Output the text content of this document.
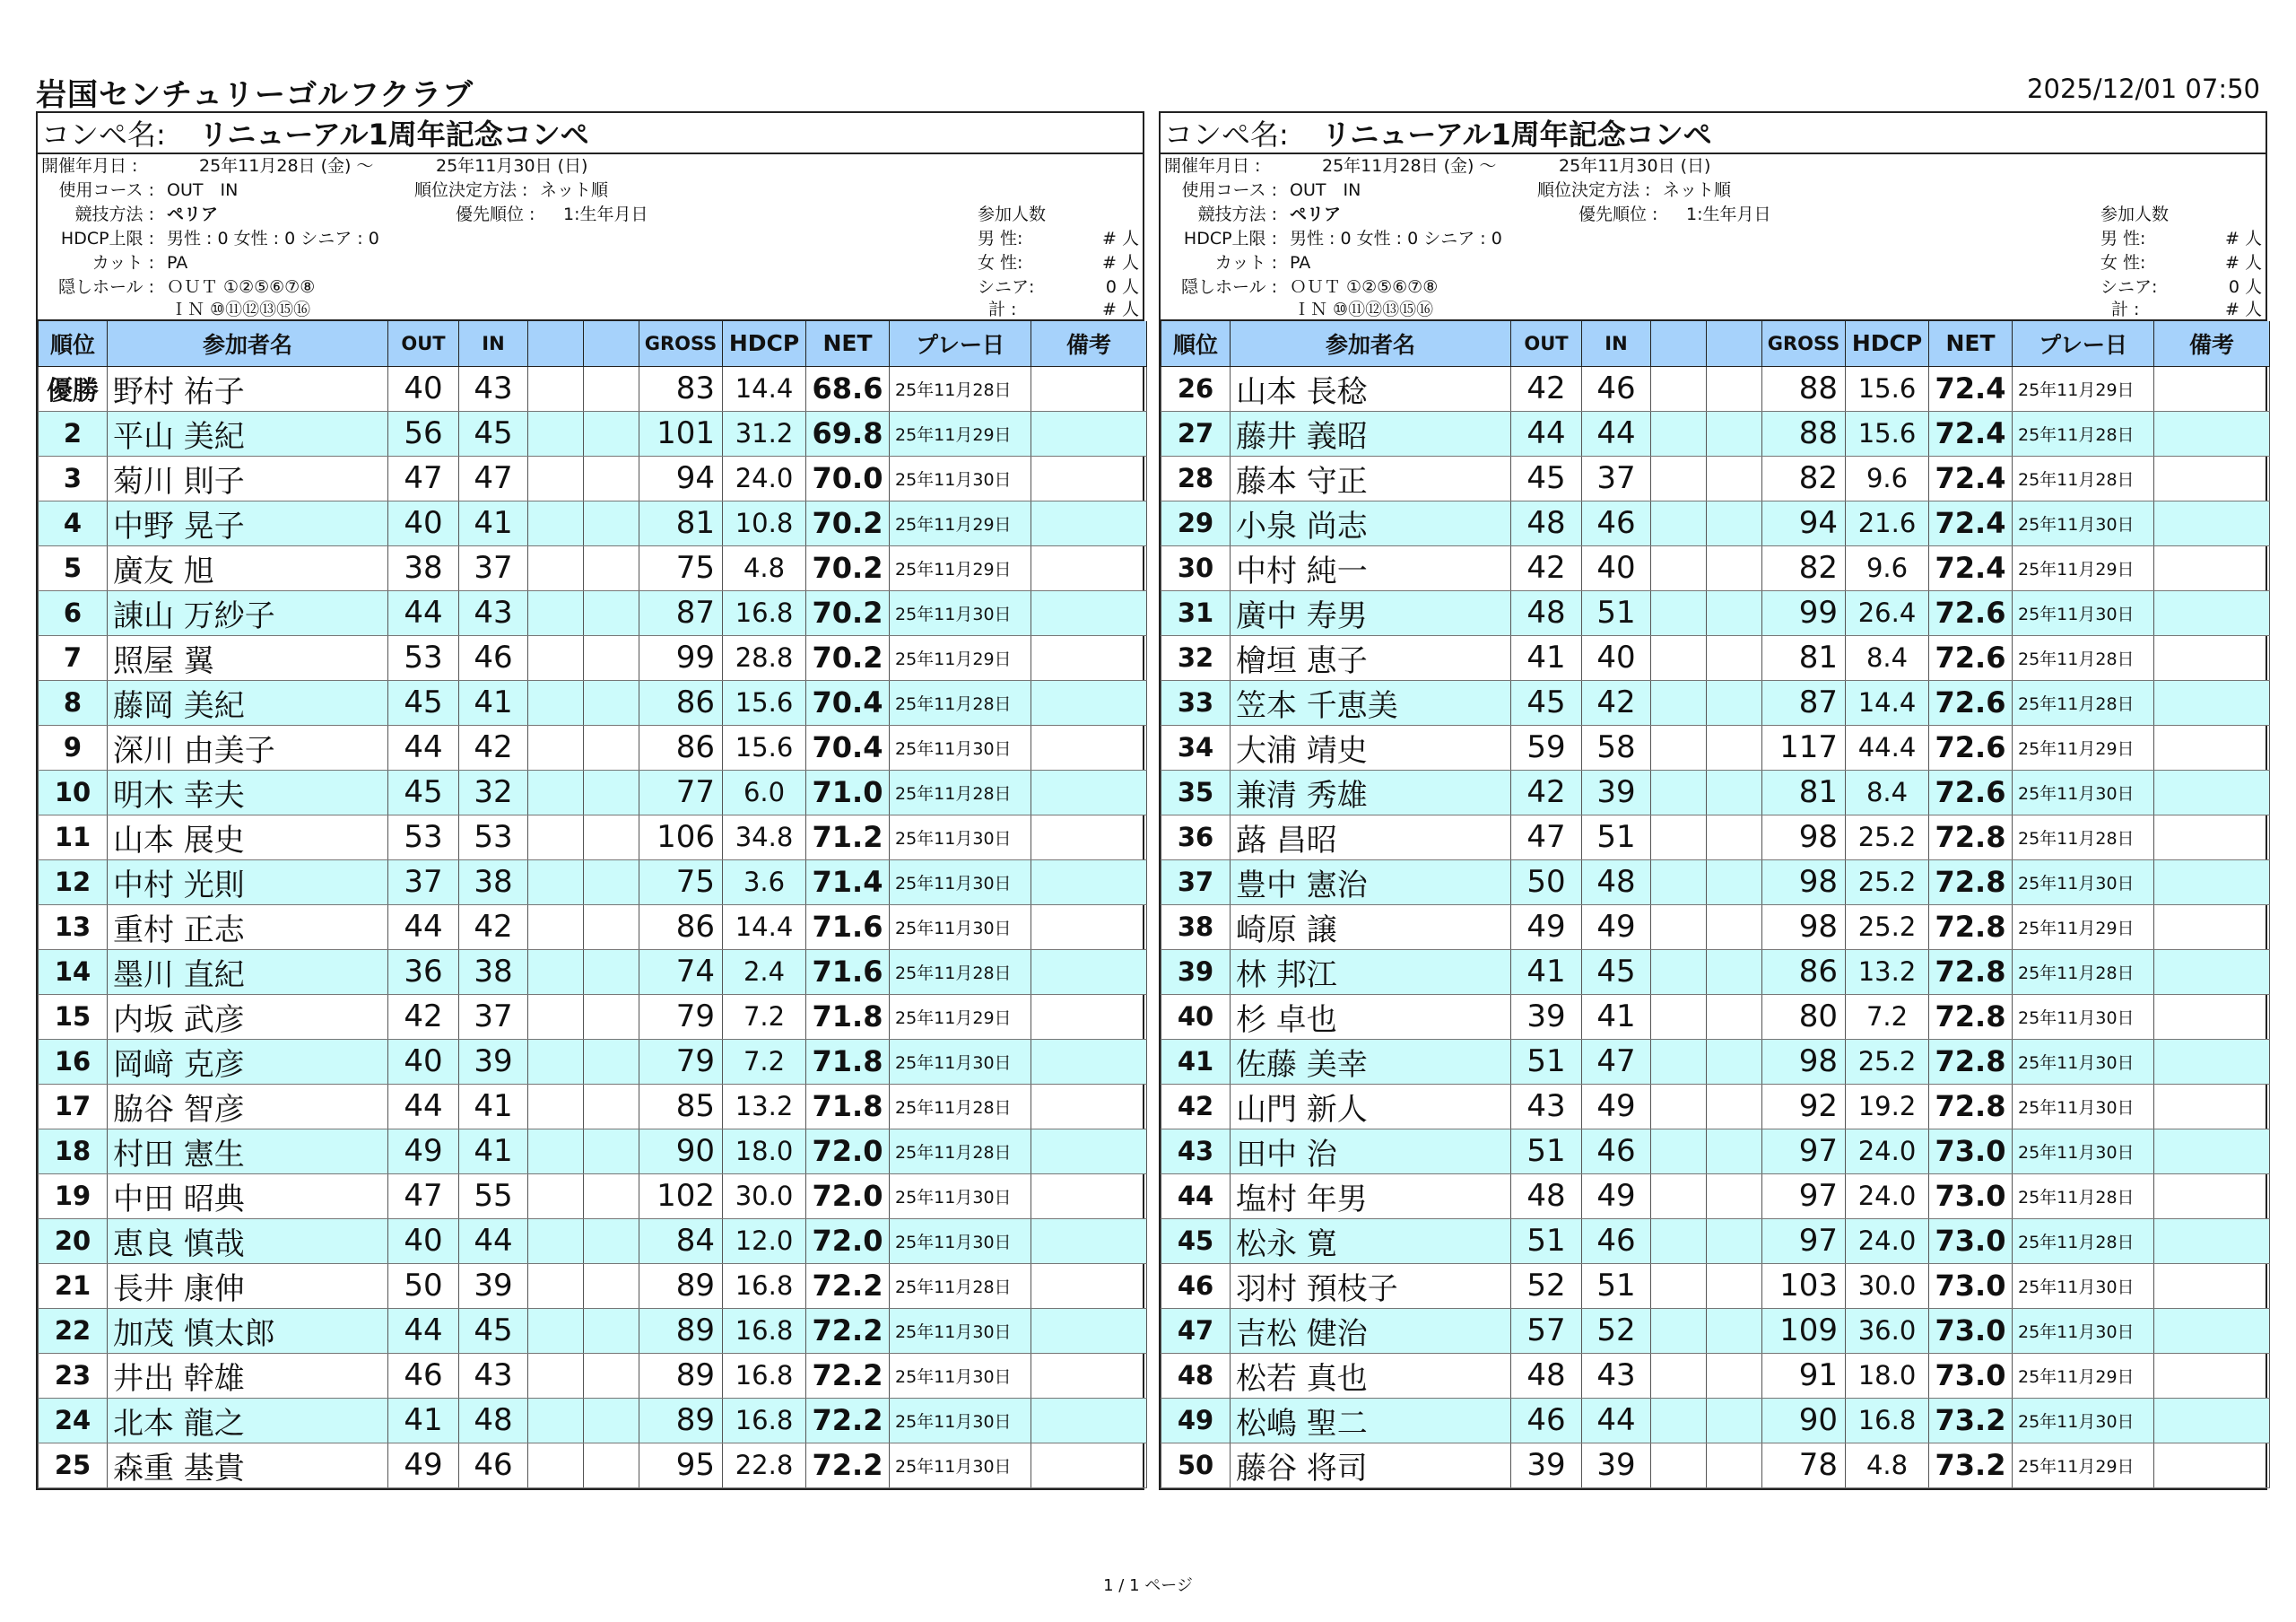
岩国センチュリーゴルフクラブ	2025/12/01 07:50
コンペ名:	リニューアル1周年記念コンペ
開催年月日 :	25年11月28日 (金) ～	25年11月30日 (日)
使用コース : OUT　IN	順位決定方法 : ネット順
競技方法 : ペリア	優先順位 : 1:生年月日	参加人数
HDCP上限 : 男性 : 0 女性 : 0 シニア : 0	男 性:	# 人
カット : PA	女 性:	# 人
隠しホール : ＯＵＴ ①②⑤⑥⑦⑧	シニア:	0 人
ＩＮ ⑩⑪⑫⑬⑮⑯	計 :	# 人
順位	参加者名	OUT	IN			GROSS	HDCP	NET	プレー日	備考
優勝	野村 祐子	40	43			83	14.4	68.6	25年11月28日	
2	平山 美紀	56	45			101	31.2	69.8	25年11月29日	
3	菊川 則子	47	47			94	24.0	70.0	25年11月30日	
4	中野 晃子	40	41			81	10.8	70.2	25年11月29日	
5	廣友 旭	38	37			75	4.8	70.2	25年11月29日	
6	諌山 万紗子	44	43			87	16.8	70.2	25年11月30日	
7	照屋 翼	53	46			99	28.8	70.2	25年11月29日	
8	藤岡 美紀	45	41			86	15.6	70.4	25年11月28日	
9	深川 由美子	44	42			86	15.6	70.4	25年11月30日	
10	明木 幸夫	45	32			77	6.0	71.0	25年11月28日	
11	山本 展史	53	53			106	34.8	71.2	25年11月30日	
12	中村 光則	37	38			75	3.6	71.4	25年11月30日	
13	重村 正志	44	42			86	14.4	71.6	25年11月30日	
14	墨川 直紀	36	38			74	2.4	71.6	25年11月28日	
15	内坂 武彦	42	37			79	7.2	71.8	25年11月29日	
16	岡﨑 克彦	40	39			79	7.2	71.8	25年11月30日	
17	脇谷 智彦	44	41			85	13.2	71.8	25年11月28日	
18	村田 憲生	49	41			90	18.0	72.0	25年11月28日	
19	中田 昭典	47	55			102	30.0	72.0	25年11月30日	
20	恵良 慎哉	40	44			84	12.0	72.0	25年11月30日	
21	長井 康伸	50	39			89	16.8	72.2	25年11月28日	
22	加茂 慎太郎	44	45			89	16.8	72.2	25年11月30日	
23	井出 幹雄	46	43			89	16.8	72.2	25年11月30日	
24	北本 龍之	41	48			89	16.8	72.2	25年11月30日	
25	森重 基貴	49	46			95	22.8	72.2	25年11月30日	
コンペ名:	リニューアル1周年記念コンペ
開催年月日 :	25年11月28日 (金) ～	25年11月30日 (日)
使用コース : OUT　IN	順位決定方法 : ネット順
競技方法 : ペリア	優先順位 : 1:生年月日	参加人数
HDCP上限 : 男性 : 0 女性 : 0 シニア : 0	男 性:	# 人
カット : PA	女 性:	# 人
隠しホール : ＯＵＴ ①②⑤⑥⑦⑧	シニア:	0 人
ＩＮ ⑩⑪⑫⑬⑮⑯	計 :	# 人
順位	参加者名	OUT	IN			GROSS	HDCP	NET	プレー日	備考
26	山本 長稔	42	46			88	15.6	72.4	25年11月29日	
27	藤井 義昭	44	44			88	15.6	72.4	25年11月28日	
28	藤本 守正	45	37			82	9.6	72.4	25年11月28日	
29	小泉 尚志	48	46			94	21.6	72.4	25年11月30日	
30	中村 純一	42	40			82	9.6	72.4	25年11月29日	
31	廣中 寿男	48	51			99	26.4	72.6	25年11月30日	
32	檜垣 恵子	41	40			81	8.4	72.6	25年11月28日	
33	笠本 千恵美	45	42			87	14.4	72.6	25年11月28日	
34	大浦 靖史	59	58			117	44.4	72.6	25年11月29日	
35	兼清 秀雄	42	39			81	8.4	72.6	25年11月30日	
36	蕗 昌昭	47	51			98	25.2	72.8	25年11月28日	
37	豊中 憲治	50	48			98	25.2	72.8	25年11月30日	
38	崎原 譲	49	49			98	25.2	72.8	25年11月29日	
39	林 邦江	41	45			86	13.2	72.8	25年11月28日	
40	杉 卓也	39	41			80	7.2	72.8	25年11月30日	
41	佐藤 美幸	51	47			98	25.2	72.8	25年11月30日	
42	山門 新人	43	49			92	19.2	72.8	25年11月30日	
43	田中 治	51	46			97	24.0	73.0	25年11月30日	
44	塩村 年男	48	49			97	24.0	73.0	25年11月28日	
45	松永 寛	51	46			97	24.0	73.0	25年11月28日	
46	羽村 預枝子	52	51			103	30.0	73.0	25年11月30日	
47	吉松 健治	57	52			109	36.0	73.0	25年11月30日	
48	松若 真也	48	43			91	18.0	73.0	25年11月29日	
49	松嶋 聖二	46	44			90	16.8	73.2	25年11月30日	
50	藤谷 将司	39	39			78	4.8	73.2	25年11月29日	
1 / 1 ページ
